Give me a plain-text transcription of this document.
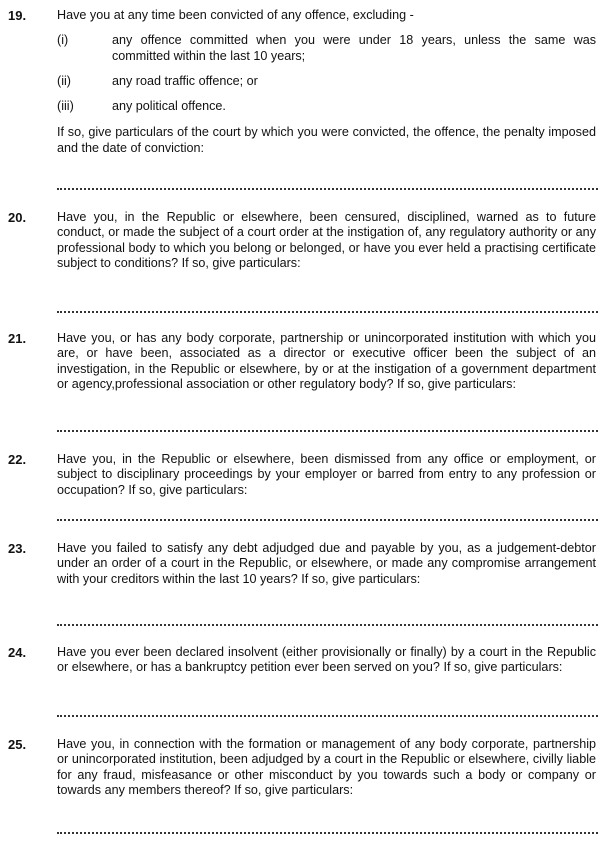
19. Have you at any time been convicted of any offence, excluding -

(i)	any offence committed when you were under 18 years, unless the same was committed within the last 10 years;
(ii)	any road traffic offence; or
(iii)	any political offence.

If so, give particulars of the court by which you were convicted, the offence, the penalty imposed and the date of conviction:

20. Have you, in the Republic or elsewhere, been censured, disciplined, warned as to future conduct, or made the subject of a court order at the instigation of, any regulatory authority or any professional body to which you belong or belonged, or have you ever held a practising certificate subject to conditions? If so, give particulars:

21. Have you, or has any body corporate, partnership or unincorporated institution with which you are, or have been, associated as a director or executive officer been the subject of an investigation, in the Republic or elsewhere, by or at the instigation of a government department or agency,professional association or other regulatory body? If so, give particulars:

22. Have you, in the Republic or elsewhere, been dismissed from any office or employment, or subject to disciplinary proceedings by your employer or barred from entry to any profession or occupation? If so, give particulars:

23. Have you failed to satisfy any debt adjudged due and payable by you, as a judgement-debtor under an order of a court in the Republic, or elsewhere, or made any compromise arrangement with your creditors within the last 10 years? If so, give particulars:

24. Have you ever been declared insolvent (either provisionally or finally) by a court in the Republic or elsewhere, or has a bankruptcy petition ever been served on you? If so, give particulars:

25. Have you, in connection with the formation or management of any body corporate, partnership or unincorporated institution, been adjudged by a court in the Republic or elsewhere, civilly liable for any fraud, misfeasance or other misconduct by you towards such a body or company or towards any members thereof? If so, give particulars:
